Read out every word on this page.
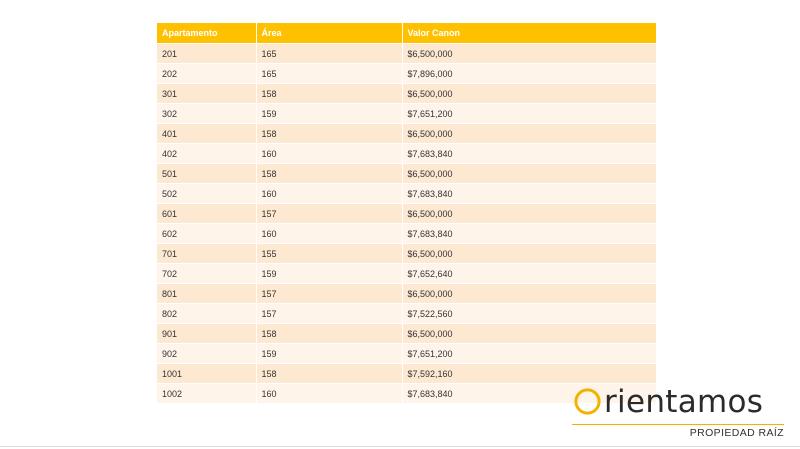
Apartamento	Área	Valor Canon
201	165	$6,500,000
202	165	$7,896,000
301	158	$6,500,000
302	159	$7,651,200
401	158	$6,500,000
402	160	$7,683,840
501	158	$6,500,000
502	160	$7,683,840
601	157	$6,500,000
602	160	$7,683,840
701	155	$6,500,000
702	159	$7,652,640
801	157	$6,500,000
802	157	$7,522,560
901	158	$6,500,000
902	159	$7,651,200
1001	158	$7,592,160
1002	160	$7,683,840	rientamos
PROPIEDAD RAÍZ
